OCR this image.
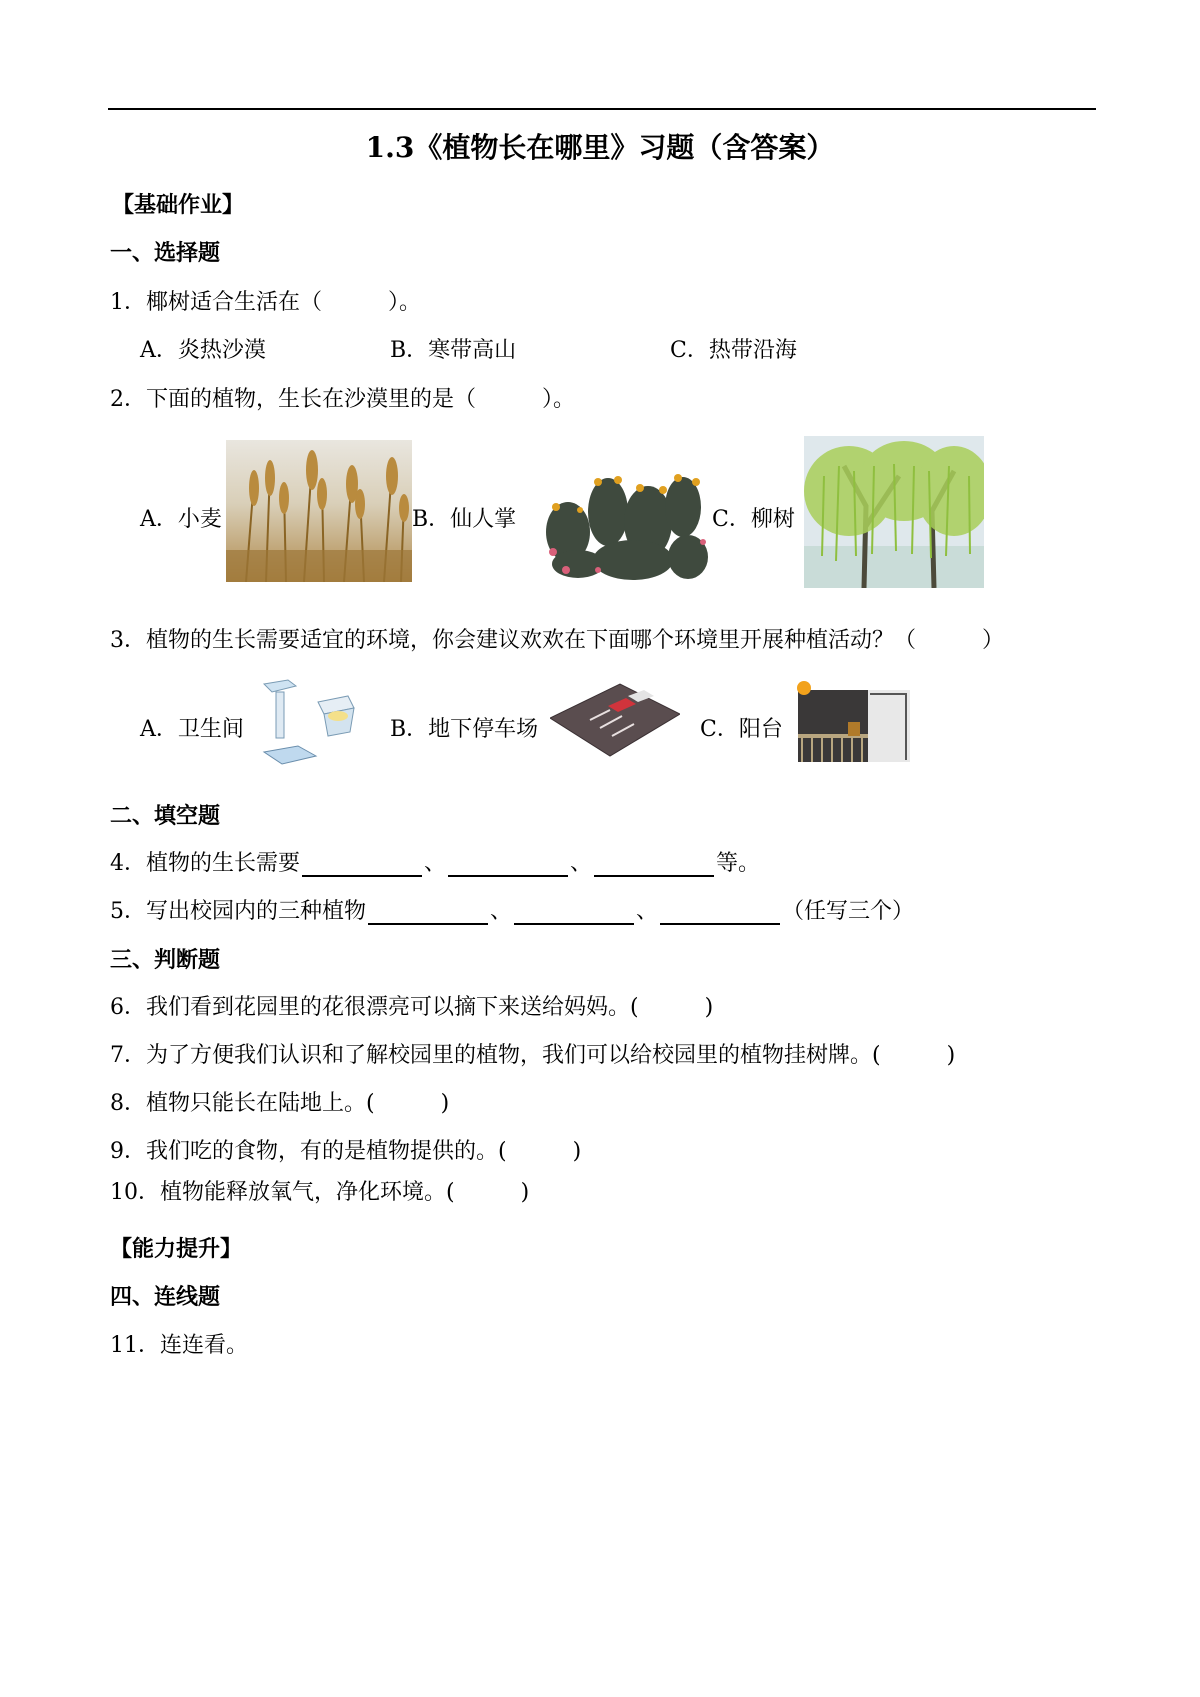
1.3《植物长在哪里》习题（含答案）
【基础作业】
一、选择题
1．椰树适合生活在（　　　）。
A．炎热沙漠	B．寒带高山	C．热带沿海
2．下面的植物，生长在沙漠里的是（　　　）。
A．小麦	B．仙人掌	C．柳树
3．植物的生长需要适宜的环境，你会建议欢欢在下面哪个环境里开展种植活动？（　　　）
A．卫生间	B．地下停车场	C．阳台
二、填空题
4．植物的生长需要	、	、	等。
5．写出校园内的三种植物	、	、	（任写三个）
三、判断题
6．我们看到花园里的花很漂亮可以摘下来送给妈妈。(　　　)
7．为了方便我们认识和了解校园里的植物，我们可以给校园里的植物挂树牌。(　　　)
8．植物只能长在陆地上。(　　　)
9．我们吃的食物，有的是植物提供的。(　　　)
10．植物能释放氧气，净化环境。(　　　)
【能力提升】
四、连线题
11．连连看。
